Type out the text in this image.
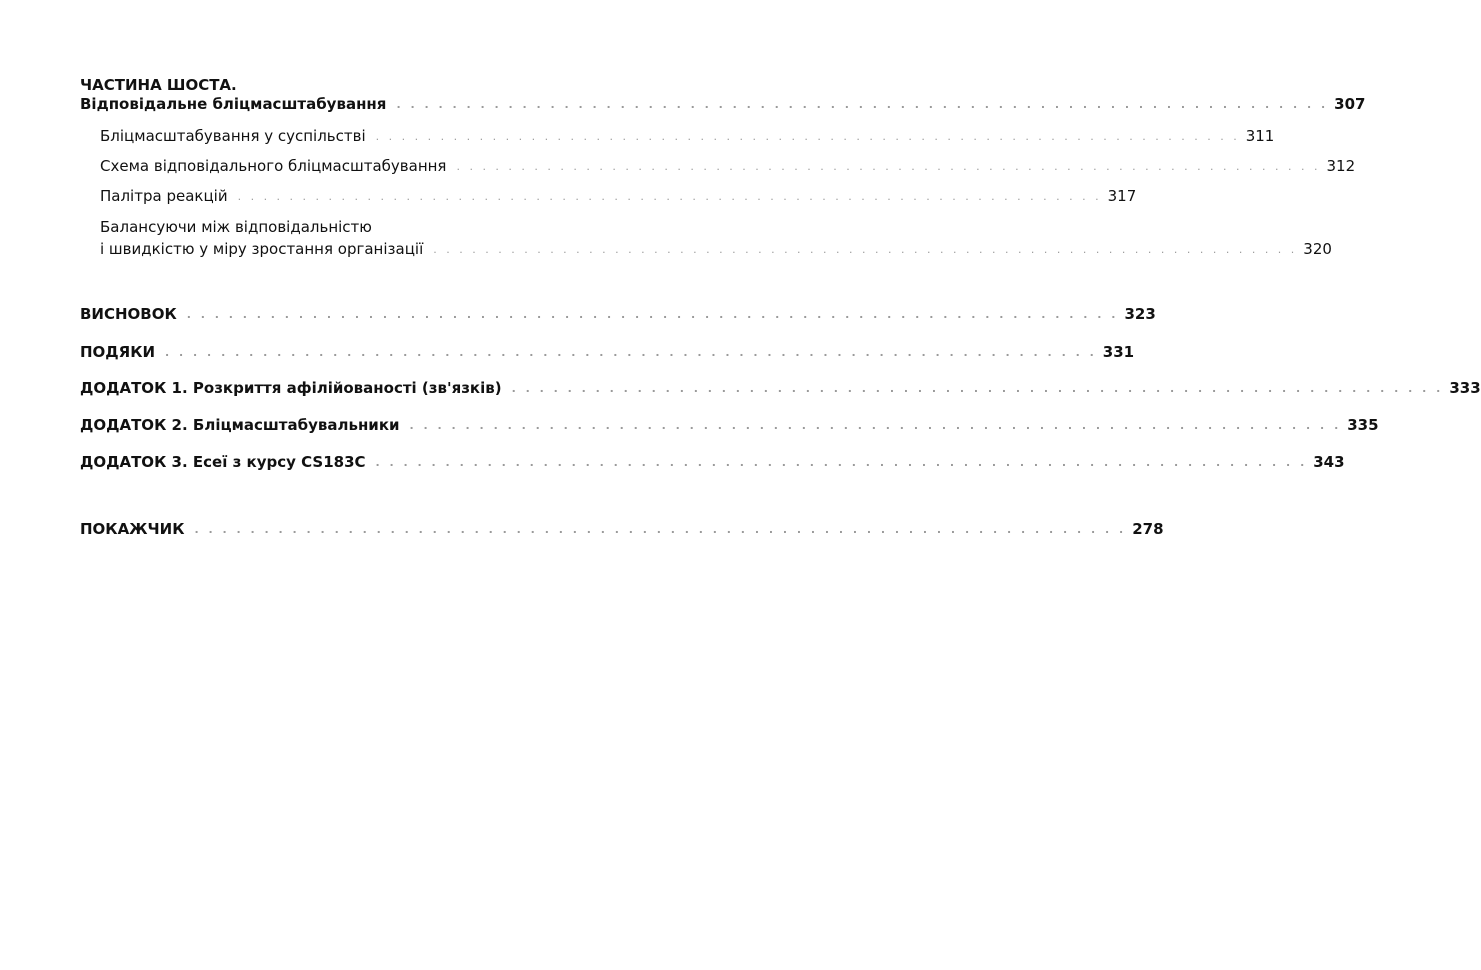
ЧАСТИНА ШОСТА.
Відповідальне бліцмасштабування . . . . . . . . . . . . . . . . . . . . . . . . . . . . . . . . . . . . . . . . . . . . . . . . . . . . . . . . . . . . . . . . . . . 307
Бліцмасштабування у суспільстві . . . . . . . . . . . . . . . . . . . . . . . . . . . . . . . . . . . . . . . . . . . . . . . . . . . . . . . . . . . . . . . . . . . 311
Схема відповідального бліцмасштабування . . . . . . . . . . . . . . . . . . . . . . . . . . . . . . . . . . . . . . . . . . . . . . . . . . . . . . . . . . . . . . . . . . . 312
Палітра реакцій . . . . . . . . . . . . . . . . . . . . . . . . . . . . . . . . . . . . . . . . . . . . . . . . . . . . . . . . . . . . . . . . . . . 317
Балансуючи між відповідальністю
і швидкістю у міру зростання організації . . . . . . . . . . . . . . . . . . . . . . . . . . . . . . . . . . . . . . . . . . . . . . . . . . . . . . . . . . . . . . . . . . . 320
ВИСНОВОК . . . . . . . . . . . . . . . . . . . . . . . . . . . . . . . . . . . . . . . . . . . . . . . . . . . . . . . . . . . . . . . . . . . 323
ПОДЯКИ . . . . . . . . . . . . . . . . . . . . . . . . . . . . . . . . . . . . . . . . . . . . . . . . . . . . . . . . . . . . . . . . . . . 331
ДОДАТОК 1. Розкриття афілійованості (зв'язків) . . . . . . . . . . . . . . . . . . . . . . . . . . . . . . . . . . . . . . . . . . . . . . . . . . . . . . . . . . . . . . . . . . . 333
ДОДАТОК 2. Бліцмасштабувальники . . . . . . . . . . . . . . . . . . . . . . . . . . . . . . . . . . . . . . . . . . . . . . . . . . . . . . . . . . . . . . . . . . . 335
ДОДАТОК 3. Есеї з курсу CS183C . . . . . . . . . . . . . . . . . . . . . . . . . . . . . . . . . . . . . . . . . . . . . . . . . . . . . . . . . . . . . . . . . . . 343
ПОКАЖЧИК . . . . . . . . . . . . . . . . . . . . . . . . . . . . . . . . . . . . . . . . . . . . . . . . . . . . . . . . . . . . . . . . . . . 278
